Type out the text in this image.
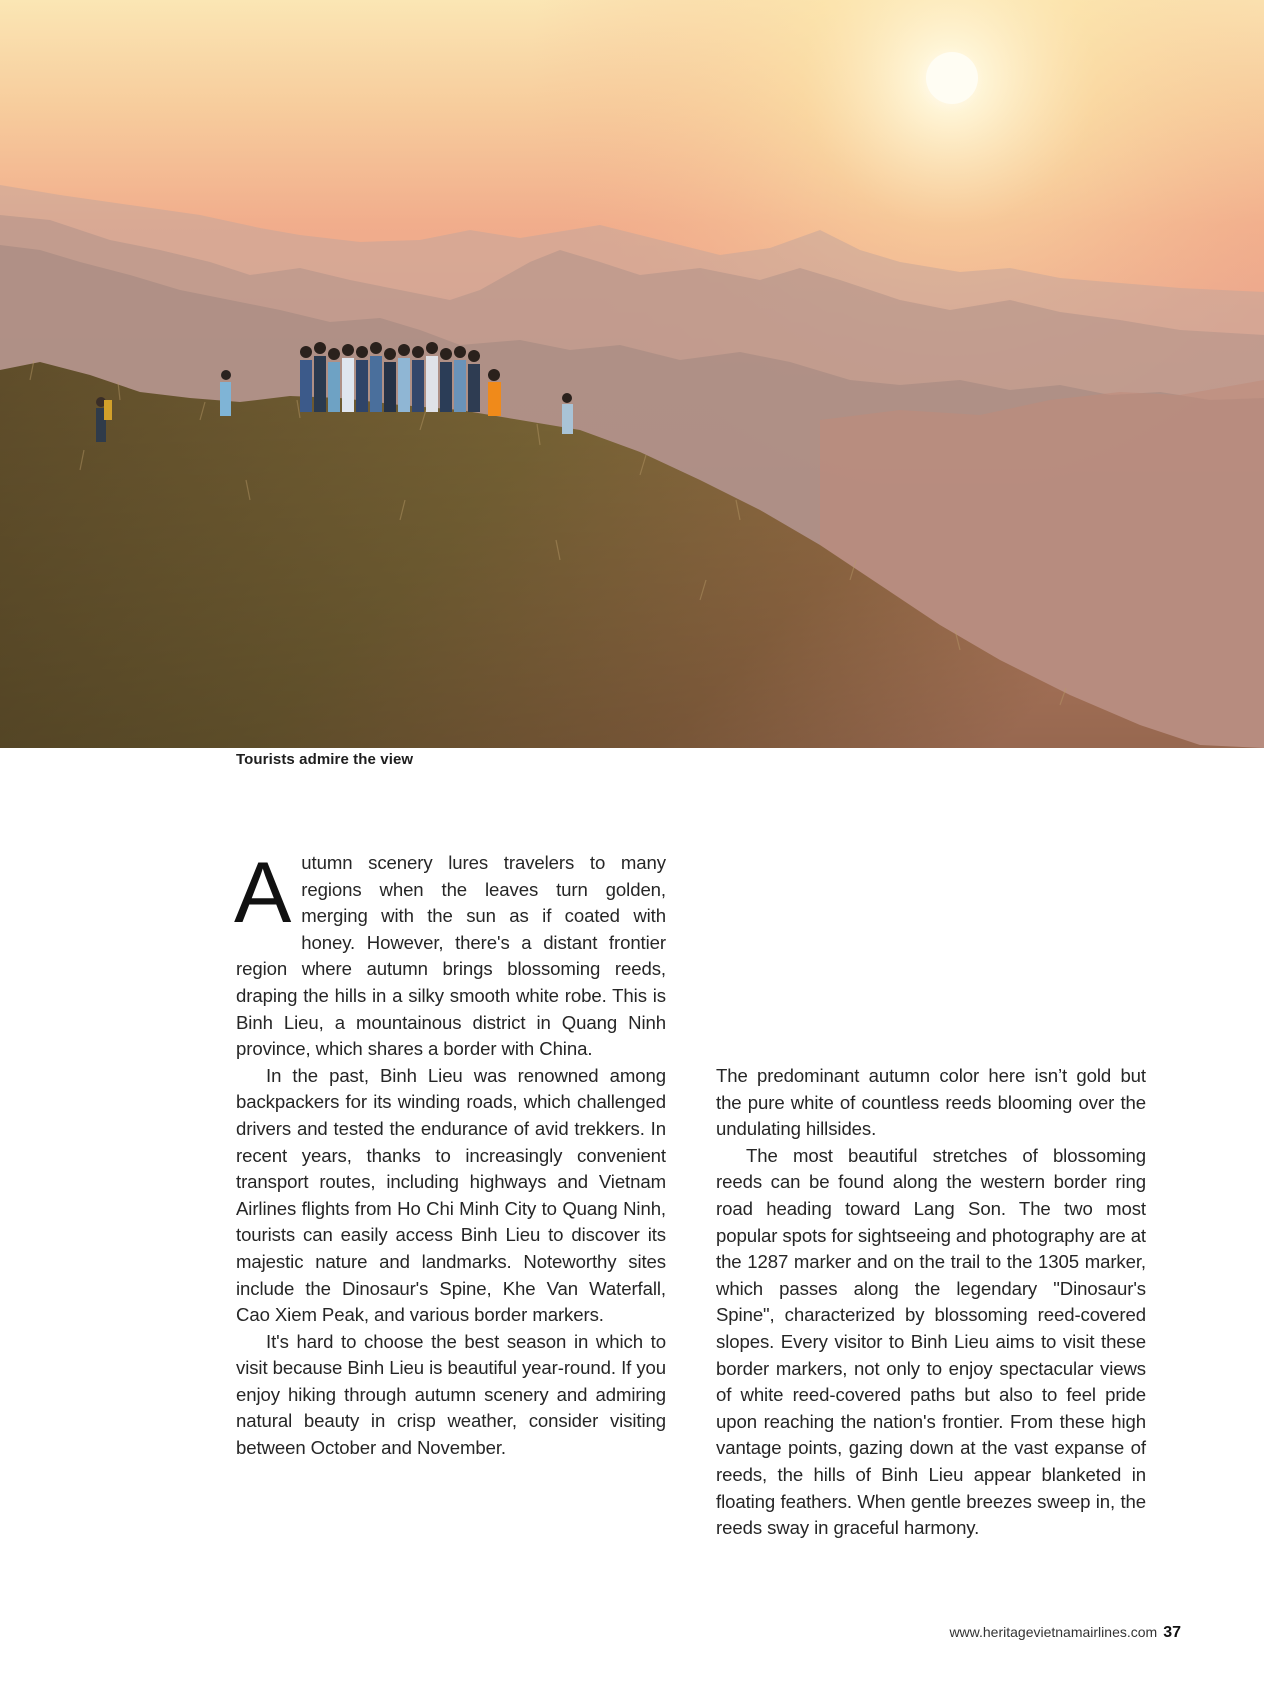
Tourists admire the view

Autumn scenery lures travelers to many regions when the leaves turn golden, merging with the sun as if coated with honey. However, there's a distant frontier region where autumn brings blossoming reeds, draping the hills in a silky smooth white robe. This is Binh Lieu, a mountainous district in Quang Ninh province, which shares a border with China.

In the past, Binh Lieu was renowned among backpackers for its winding roads, which challenged drivers and tested the endurance of avid trekkers. In recent years, thanks to increasingly convenient transport routes, including highways and Vietnam Airlines flights from Ho Chi Minh City to Quang Ninh, tourists can easily access Binh Lieu to discover its majestic nature and landmarks. Noteworthy sites include the Dinosaur's Spine, Khe Van Waterfall, Cao Xiem Peak, and various border markers.

It's hard to choose the best season in which to visit because Binh Lieu is beautiful year-round. If you enjoy hiking through autumn scenery and admiring natural beauty in crisp weather, consider visiting between October and November.

The predominant autumn color here isn’t gold but the pure white of countless reeds blooming over the undulating hillsides.

The most beautiful stretches of blossoming reeds can be found along the western border ring road heading toward Lang Son. The two most popular spots for sightseeing and photography are at the 1287 marker and on the trail to the 1305 marker, which passes along the legendary "Dinosaur's Spine", characterized by blossoming reed-covered slopes. Every visitor to Binh Lieu aims to visit these border markers, not only to enjoy spectacular views of white reed-covered paths but also to feel pride upon reaching the nation's frontier. From these high vantage points, gazing down at the vast expanse of reeds, the hills of Binh Lieu appear blanketed in floating feathers. When gentle breezes sweep in, the reeds sway in graceful harmony.

www.heritagevietnamairlines.com 37
